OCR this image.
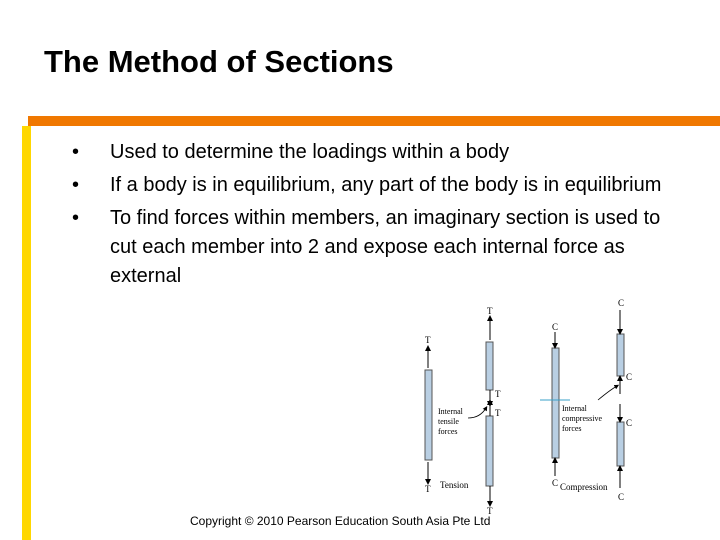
The Method of Sections
• Used to determine the loadings within a body
• If a body is in equilibrium, any part of the body is in equilibrium
• To find forces within members, an imaginary section is used to cut each member into 2 and expose each internal force as external
T
T
T
T
T
T
Internal
tensile
forces
Tension
C
C
C
C
C
C
Internal
compressive
forces
Compression
Copyright © 2010 Pearson Education South Asia Pte Ltd
